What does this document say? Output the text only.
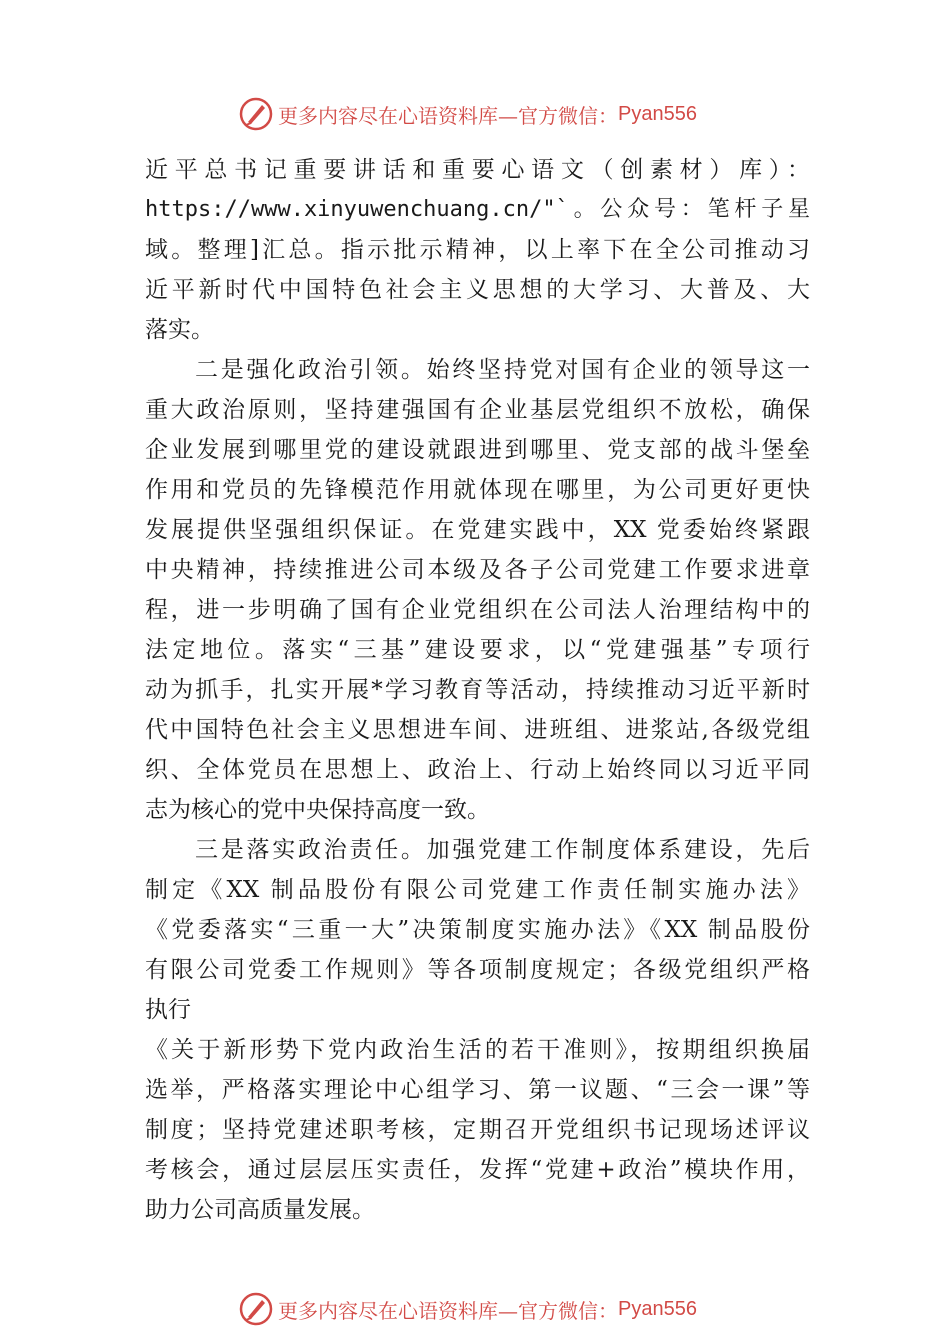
更多内容尽在心语资料库—官方微信： Pyan556
近平总书记重要讲话和重要心语文（创素材）库）：
https://www.xinyuwenchuang.cn/"`。公众号：笔杆子星
域。整理]汇总。指示批示精神，以上率下在全公司推动习
近平新时代中国特色社会主义思想的大学习、大普及、大
落实。
二是强化政治引领。始终坚持党对国有企业的领导这一
重大政治原则，坚持建强国有企业基层党组织不放松，确保
企业发展到哪里党的建设就跟进到哪里、党支部的战斗堡垒
作用和党员的先锋模范作用就体现在哪里，为公司更好更快
发展提供坚强组织保证。在党建实践中，XX 党委始终紧跟
中央精神，持续推进公司本级及各子公司党建工作要求进章
程，进一步明确了国有企业党组织在公司法人治理结构中的
法定地位。落实“三基”建设要求，以“党建强基”专项行
动为抓手，扎实开展*学习教育等活动，持续推动习近平新时
代中国特色社会主义思想进车间、进班组、进浆站,各级党组
织、全体党员在思想上、政治上、行动上始终同以习近平同
志为核心的党中央保持高度一致。
三是落实政治责任。加强党建工作制度体系建设，先后
制定《XX 制品股份有限公司党建工作责任制实施办法》
《党委落实“三重一大”决策制度实施办法》《XX 制品股份
有限公司党委工作规则》等各项制度规定；各级党组织严格
执行
《关于新形势下党内政治生活的若干准则》，按期组织换届
选举，严格落实理论中心组学习、第一议题、“三会一课”等
制度；坚持党建述职考核，定期召开党组织书记现场述评议
考核会，通过层层压实责任，发挥“党建+政治”模块作用，
助力公司高质量发展。
更多内容尽在心语资料库—官方微信： Pyan556
